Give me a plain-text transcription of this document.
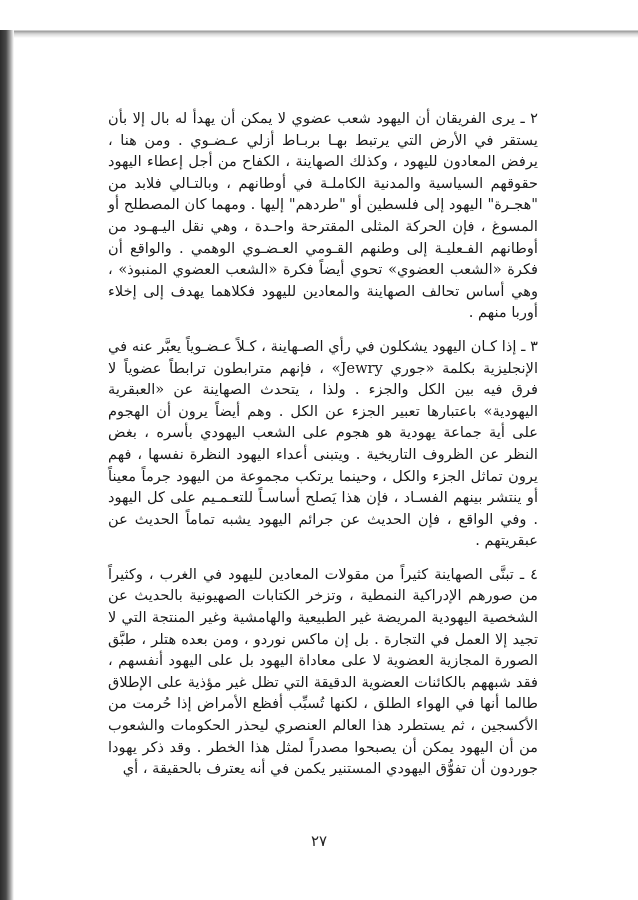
٢ ـ يرى الفريقان أن اليهود شعب عضوي لا يمكن أن يهدأ له بال إلا بأن يستقر في الأرض التي يرتبط بهـا بربـاط أزلي عـضـوي . ومن هنا ، يرفض المعادون لليهود ، وكذلك الصهاينة ، الكفاح من أجل إعطاء اليهود حقوقهم السياسية والمدنية الكاملـة في أوطانهم ، وبالتـالي فلابد من "هجـرة" اليهود إلى فلسطين أو "طردهم" إليها . ومهما كان المصطلح أو المسوغ ، فإن الحركة المثلى المقترحة واحـدة ، وهي نقل اليـهـود من أوطانهم الفـعليـة إلى وطنهم القـومي العـضـوي الوهمي . والواقع أن فكرة «الشعب العضوي» تحوي أيضاً فكرة «الشعب العضوي المنبوذ» ، وهي أساس تحالف الصهاينة والمعادين لليهود فكلاهما يهدف إلى إخلاء أوربا منهم .

٣ ـ إذا كـان اليهود يشكلون في رأي الصـهاينة ، كـلاً عـضـوياً يعبَّر عنه في الإنجليزية بكلمة «جوري Jewry» ، فإنهم مترابطون ترابطاً عضوياً لا فرق فيه بين الكل والجزء . ولذا ، يتحدث الصهاينة عن «العبقرية اليهودية» باعتبارها تعبير الجزء عن الكل . وهم أيضاً يرون أن الهجوم على أية جماعة يهودية هو هجوم على الشعب اليهودي بأسره ، بغض النظر عن الظروف التاريخية . ويتبنى أعداء اليهود النظرة نفسها ، فهم يرون تماثل الجزء والكل ، وحينما يرتكب مجموعة من اليهود جرماً معيناً أو ينتشر بينهم الفسـاد ، فإن هذا يَصلح أساسـاً للتعـمـيم على كل اليهود . وفي الواقع ، فإن الحديث عن جرائم اليهود يشبه تماماً الحديث عن عبقريتهم .

٤ ـ تبنَّى الصهاينة كثيراً من مقولات المعادين لليهود في الغرب ، وكثيراً من صورهم الإدراكية النمطية ، وتزخر الكتابات الصهيونية بالحديث عن الشخصية اليهودية المريضة غير الطبيعية والهامشية وغير المنتجة التي لا تجيد إلا العمل في التجارة . بل إن ماكس نوردو ، ومن بعده هتلر ، طبَّق الصورة المجازية العضوية لا على معاداة اليهود بل على اليهود أنفسهم ، فقد شبههم بالكائنات العضوية الدقيقة التي تظل غير مؤذية على الإطلاق طالما أنها في الهواء الطلق ، لكنها تُسبِّب أفظع الأمراض إذا حُرمت من الأكسجين ، ثم يستطرد هذا العالم العنصري ليحذر الحكومات والشعوب من أن اليهود يمكن أن يصبحوا مصدراً لمثل هذا الخطر . وقد ذكر يهودا جوردون أن تفوُّق اليهودي المستنير يكمن في أنه يعترف بالحقيقة ، أي

٢٧
